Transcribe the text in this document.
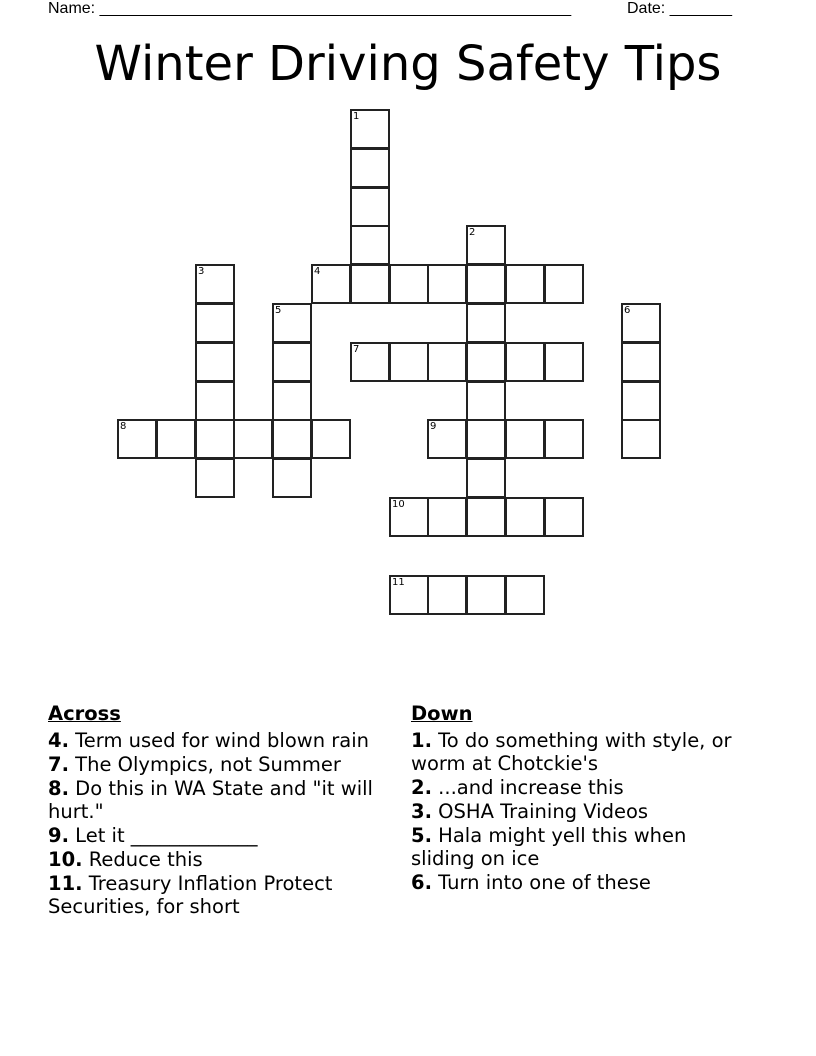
Name: _____________________________________________________	Date: _______
Winter Driving Safety Tips
1
2
3	4
5	6
7
8	9
10
11
Across
4. Term used for wind blown rain
7. The Olympics, not Summer
8. Do this in WA State and "it will hurt."
9. Let it _____________
10. Reduce this
11. Treasury Inflation Protect Securities, for short
Down
1. To do something with style, or worm at Chotckie's
2. ...and increase this
3. OSHA Training Videos
5. Hala might yell this when sliding on ice
6. Turn into one of these
